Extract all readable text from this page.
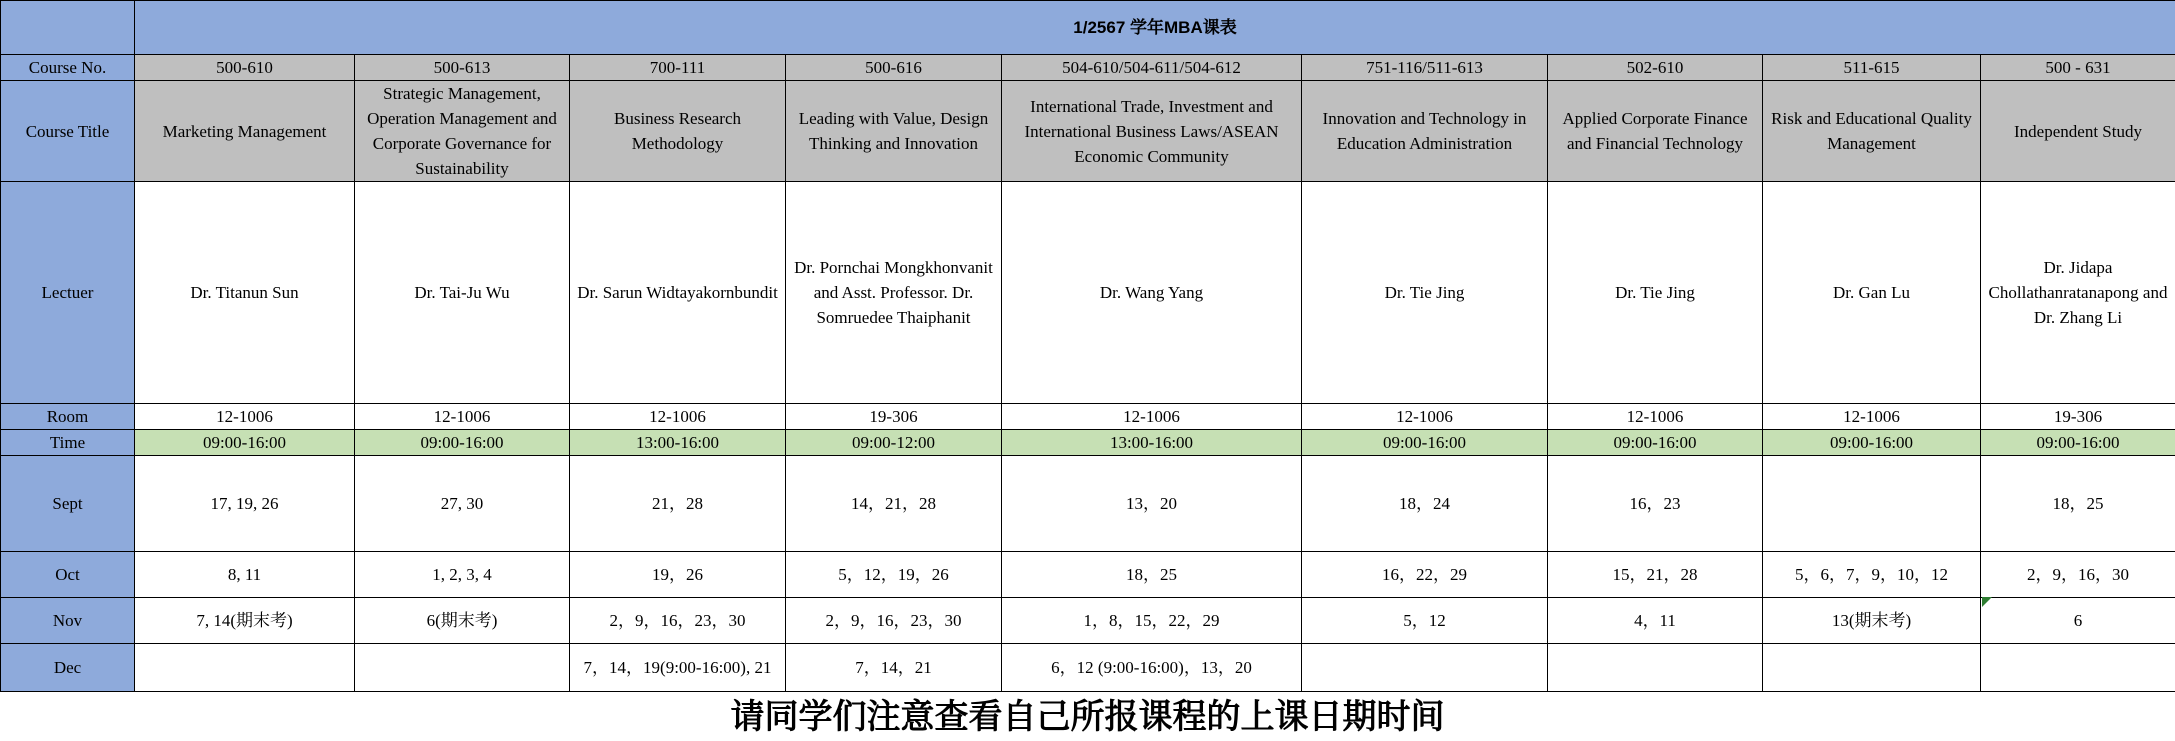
	1/2567 学年MBA课表								
Course No.	500-610	500-613	700-111	500-616	504-610/504-611/504-612	751-116/511-613	502-610	511-615	500 - 631
Course Title	Marketing Management	Strategic Management, Operation Management and Corporate Governance for Sustainability	Business Research Methodology	Leading with Value, Design Thinking and Innovation	International Trade, Investment and International Business Laws/ASEAN Economic Community	Innovation and Technology in Education Administration	Applied Corporate Finance and Financial Technology	Risk and Educational Quality Management	Independent Study
Lectuer	Dr. Titanun Sun	Dr. Tai-Ju Wu	Dr. Sarun Widtayakornbundit	Dr. Pornchai Mongkhonvanit and Asst. Professor. Dr. Somruedee Thaiphanit	Dr. Wang Yang	Dr. Tie Jing	Dr. Tie Jing	Dr. Gan Lu	Dr. Jidapa Chollathanratanapong and
Dr. Zhang Li
Room	12-1006	12-1006	12-1006	19-306	12-1006	12-1006	12-1006	12-1006	19-306
Time	09:00-16:00	09:00-16:00	13:00-16:00	09:00-12:00	13:00-16:00	09:00-16:00	09:00-16:00	09:00-16:00	09:00-16:00
Sept	17, 19, 26	27, 30	21，28	14，21，28	13，20	18，24	16，23		18，25
Oct	8, 11	1, 2, 3, 4	19，26	5，12，19，26	18，25	16，22，29	15，21，28	5，6，7，9，10，12	2，9，16，30
Nov	7, 14(期末考)	6(期末考)	2，9，16，23，30	2，9，16，23，30	1，8，15，22，29	5，12	4，11	13(期末考)	6
Dec			7，14，19(9:00-16:00), 21	7，14，21	6，12 (9:00-16:00)，13，20				
请同学们注意查看自己所报课程的上课日期时间
